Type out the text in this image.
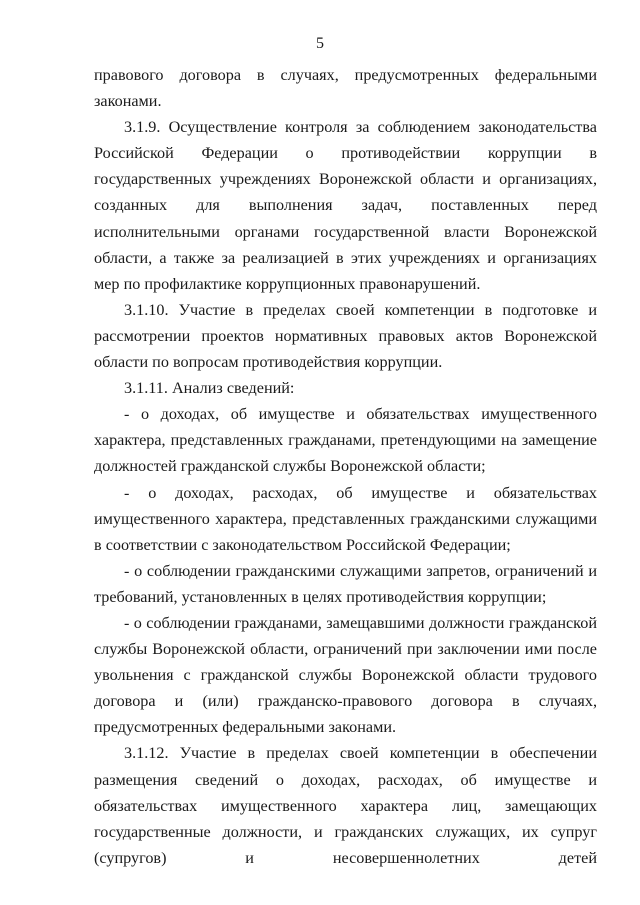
5

правового договора в случаях, предусмотренных федеральными законами.

3.1.9. Осуществление контроля за соблюдением законодательства Российской Федерации о противодействии коррупции в государственных учреждениях Воронежской области и организациях, созданных для выполнения задач, поставленных перед исполнительными органами государственной власти Воронежской области, а также за реализацией в этих учреждениях и организациях мер по профилактике коррупционных правонарушений.

3.1.10. Участие в пределах своей компетенции в подготовке и рассмотрении проектов нормативных правовых актов Воронежской области по вопросам противодействия коррупции.

3.1.11. Анализ сведений:

- о доходах, об имуществе и обязательствах имущественного характера, представленных гражданами, претендующими на замещение должностей гражданской службы Воронежской области;

- о доходах, расходах, об имуществе и обязательствах имущественного характера, представленных гражданскими служащими в соответствии с законодательством Российской Федерации;

- о соблюдении гражданскими служащими запретов, ограничений и требований, установленных в целях противодействия коррупции;

- о соблюдении гражданами, замещавшими должности гражданской службы Воронежской области, ограничений при заключении ими после увольнения с гражданской службы Воронежской области трудового договора и (или) гражданско-правового договора в случаях, предусмотренных федеральными законами.

3.1.12. Участие в пределах своей компетенции в обеспечении размещения сведений о доходах, расходах, об имуществе и обязательствах имущественного характера лиц, замещающих государственные должности, и гражданских служащих, их супруг (супругов) и несовершеннолетних детей
